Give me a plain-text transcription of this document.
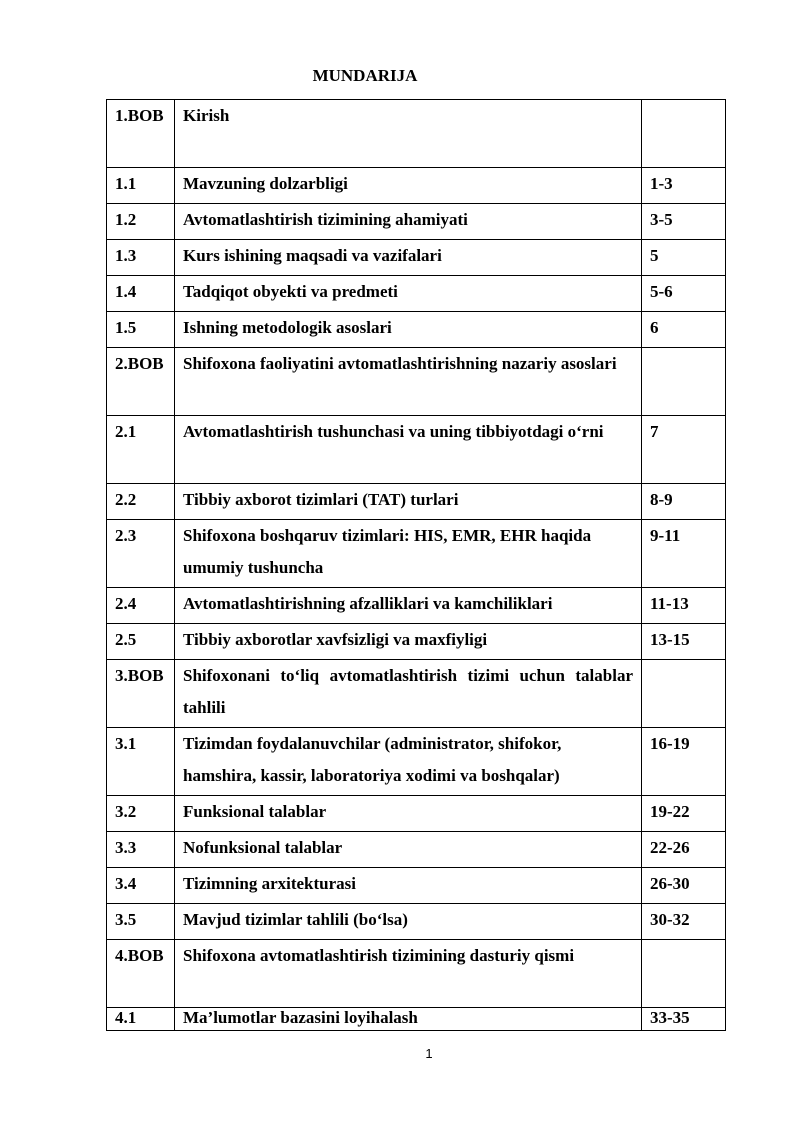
MUNDARIJA
1.BOB	Kirish	
1.1	Mavzuning dolzarbligi	1-3
1.2	Avtomatlashtirish tizimining ahamiyati	3-5
1.3	Kurs ishining maqsadi va vazifalari	5
1.4	Tadqiqot obyekti va predmeti	5-6
1.5	Ishning metodologik asoslari	6
2.BOB	Shifoxona faoliyatini avtomatlashtirishning nazariy asoslari	
2.1	Avtomatlashtirish tushunchasi va uning tibbiyotdagi o‘rni	7
2.2	Tibbiy axborot tizimlari (TAT) turlari	8-9
2.3	Shifoxona boshqaruv tizimlari: HIS, EMR, EHR haqida umumiy tushuncha	9-11
2.4	Avtomatlashtirishning afzalliklari va kamchiliklari	11-13
2.5	Tibbiy axborotlar xavfsizligi va maxfiyligi	13-15
3.BOB	Shifoxonani to‘liq avtomatlashtirish tizimi uchun talablar tahlili	
3.1	Tizimdan foydalanuvchilar (administrator, shifokor, hamshira, kassir, laboratoriya xodimi va boshqalar)	16-19
3.2	Funksional talablar	19-22
3.3	Nofunksional talablar	22-26
3.4	Tizimning arxitekturasi	26-30
3.5	Mavjud tizimlar tahlili (bo‘lsa)	30-32
4.BOB	Shifoxona avtomatlashtirish tizimining dasturiy qismi	
4.1	Ma’lumotlar bazasini loyihalash	33-35
1
